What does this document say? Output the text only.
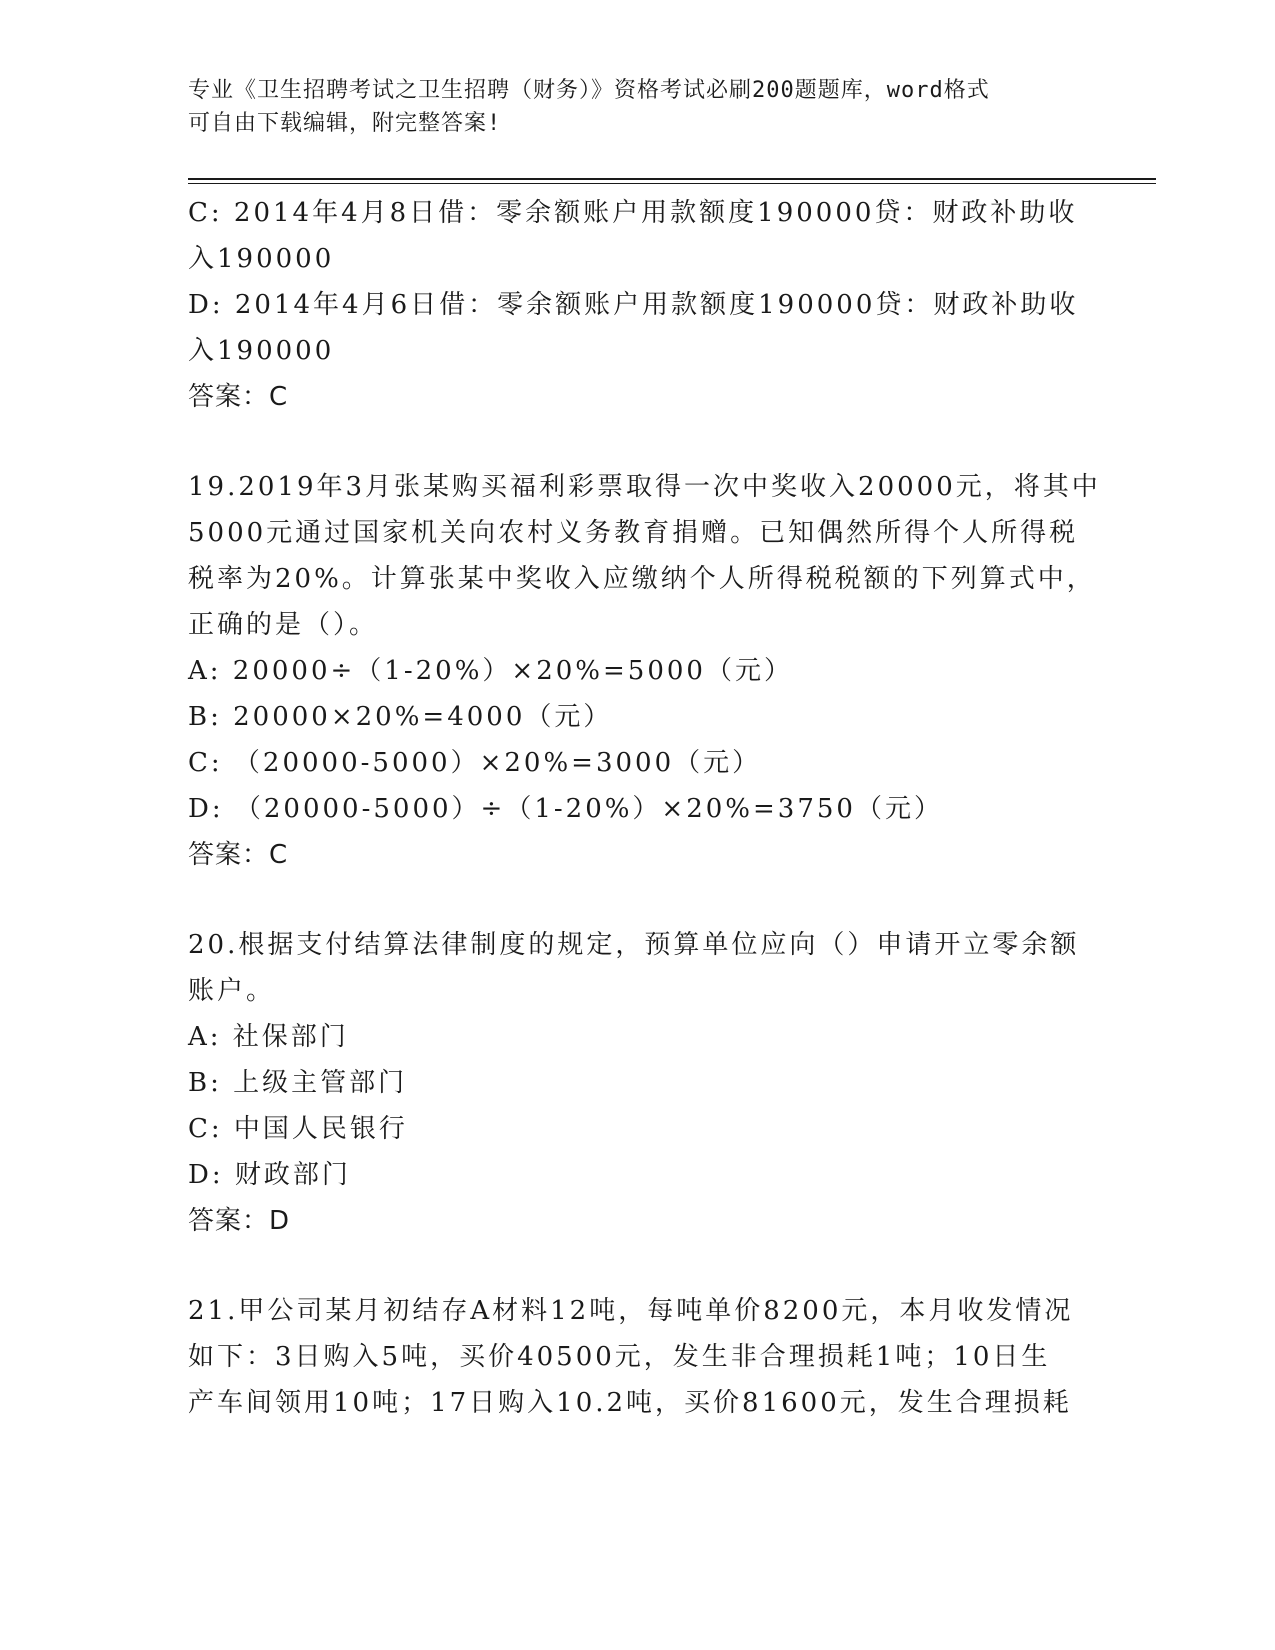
专业《卫生招聘考试之卫生招聘（财务）》资格考试必刷200题题库，word格式
可自由下载编辑，附完整答案!
C: 2014年4月8日借：零余额账户用款额度190000贷：财政补助收
入190000
D: 2014年4月6日借：零余额账户用款额度190000贷：财政补助收
入190000
答案：C
19.2019年3月张某购买福利彩票取得一次中奖收入20000元，将其中
5000元通过国家机关向农村义务教育捐赠。已知偶然所得个人所得税
税率为20%。计算张某中奖收入应缴纳个人所得税税额的下列算式中，
正确的是（）。
A: 20000÷（1-20%）×20%=5000（元）
B: 20000×20%=4000（元）
C: （20000-5000）×20%=3000（元）
D: （20000-5000）÷（1-20%）×20%=3750（元）
答案：C
20.根据支付结算法律制度的规定，预算单位应向（）申请开立零余额
账户。
A: 社保部门
B: 上级主管部门
C: 中国人民银行
D: 财政部门
答案：D
21.甲公司某月初结存A材料12吨，每吨单价8200元，本月收发情况
如下：3日购入5吨，买价40500元，发生非合理损耗1吨；10日生
产车间领用10吨；17日购入10.2吨，买价81600元，发生合理损耗
